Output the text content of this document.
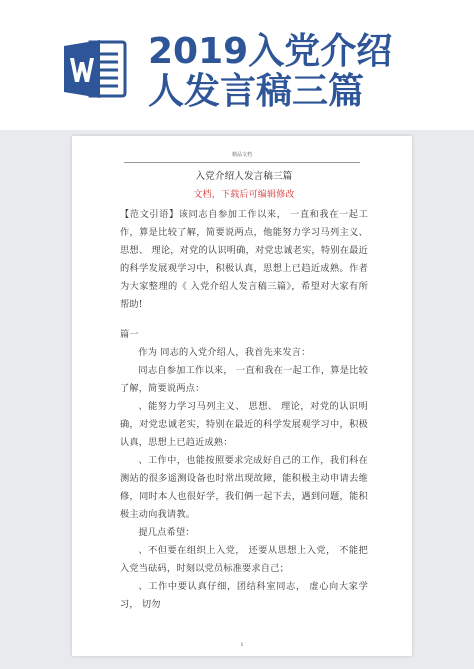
2019入党介绍
人发言稿三篇
精品文档

入党介绍人发言稿三篇

文档，下载后可编辑修改

【范文引语】该同志自参加工作以来， 一直和我在一起工作，算是比较了解，简要说两点，他能努力学习马列主义、 思想、 理论，对党的认识明确，对党忠诚老实，特别在最近的科学发展观学习中，积极认真，思想上已趋近成熟。作者为大家整理的《 入党介绍人发言稿三篇》，希望对大家有所帮助!

篇一

作为 同志的入党介绍人，我首先来发言：

同志自参加工作以来， 一直和我在一起工作，算是比较了解，简要说两点：

、能努力学习马列主义、 思想、 理论，对党的认识明确，对党忠诚老实，特别在最近的科学发展观学习中，积极认真，思想上已趋近成熟：

、工作中，也能按照要求完成好自己的工作，我们科在测站的很多遥测设备也时常出现故障，能积极主动申请去维修，同时本人也很好学，我们俩一起下去，遇到问题，能积极主动向我请教。

提几点希望：

、不但要在组织上入党， 还要从思想上入党， 不能把入党当砝码，时刻以党员标准要求自己；

、工作中要认真仔细，团结科室同志， 虚心向大家学习， 切勿

1
